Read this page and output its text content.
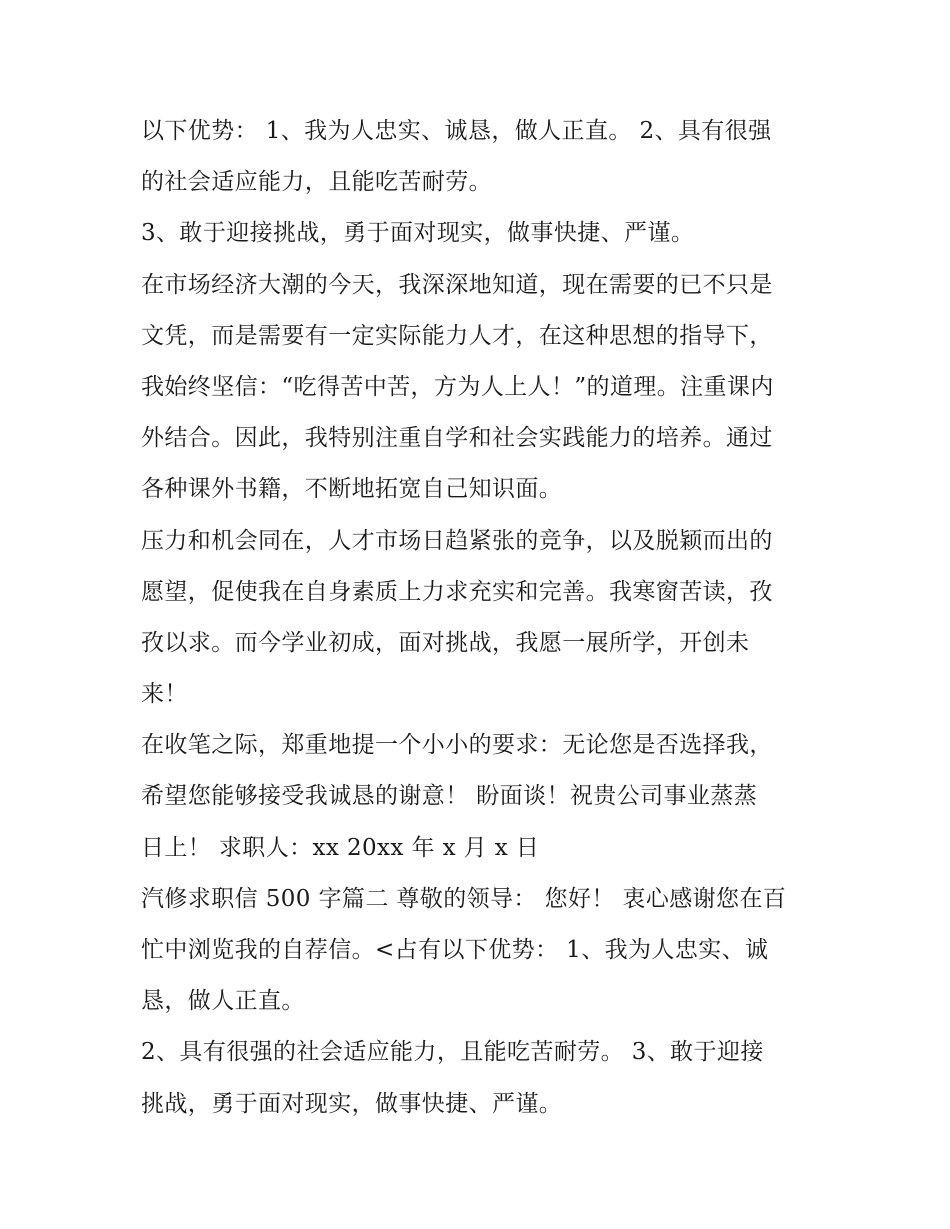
以下优势： 1、我为人忠实、诚恳，做人正直。 2、具有很强
的社会适应能力，且能吃苦耐劳。
3、敢于迎接挑战，勇于面对现实，做事快捷、严谨。
在市场经济大潮的今天，我深深地知道，现在需要的已不只是
文凭，而是需要有一定实际能力人才，在这种思想的指导下，
我始终坚信：“吃得苦中苦，方为人上人！”的道理。注重课内
外结合。因此，我特别注重自学和社会实践能力的培养。通过
各种课外书籍，不断地拓宽自己知识面。
压力和机会同在，人才市场日趋紧张的竞争，以及脱颖而出的
愿望，促使我在自身素质上力求充实和完善。我寒窗苦读，孜
孜以求。而今学业初成，面对挑战，我愿一展所学，开创未
来！
在收笔之际，郑重地提一个小小的要求：无论您是否选择我，
希望您能够接受我诚恳的谢意！ 盼面谈！祝贵公司事业蒸蒸
日上！ 求职人：xx 20xx 年 x 月 x 日
汽修求职信 500 字篇二 尊敬的领导： 您好！ 衷心感谢您在百
忙中浏览我的自荐信。<占有以下优势： 1、我为人忠实、诚
恳，做人正直。
2、具有很强的社会适应能力，且能吃苦耐劳。 3、敢于迎接
挑战，勇于面对现实，做事快捷、严谨。
